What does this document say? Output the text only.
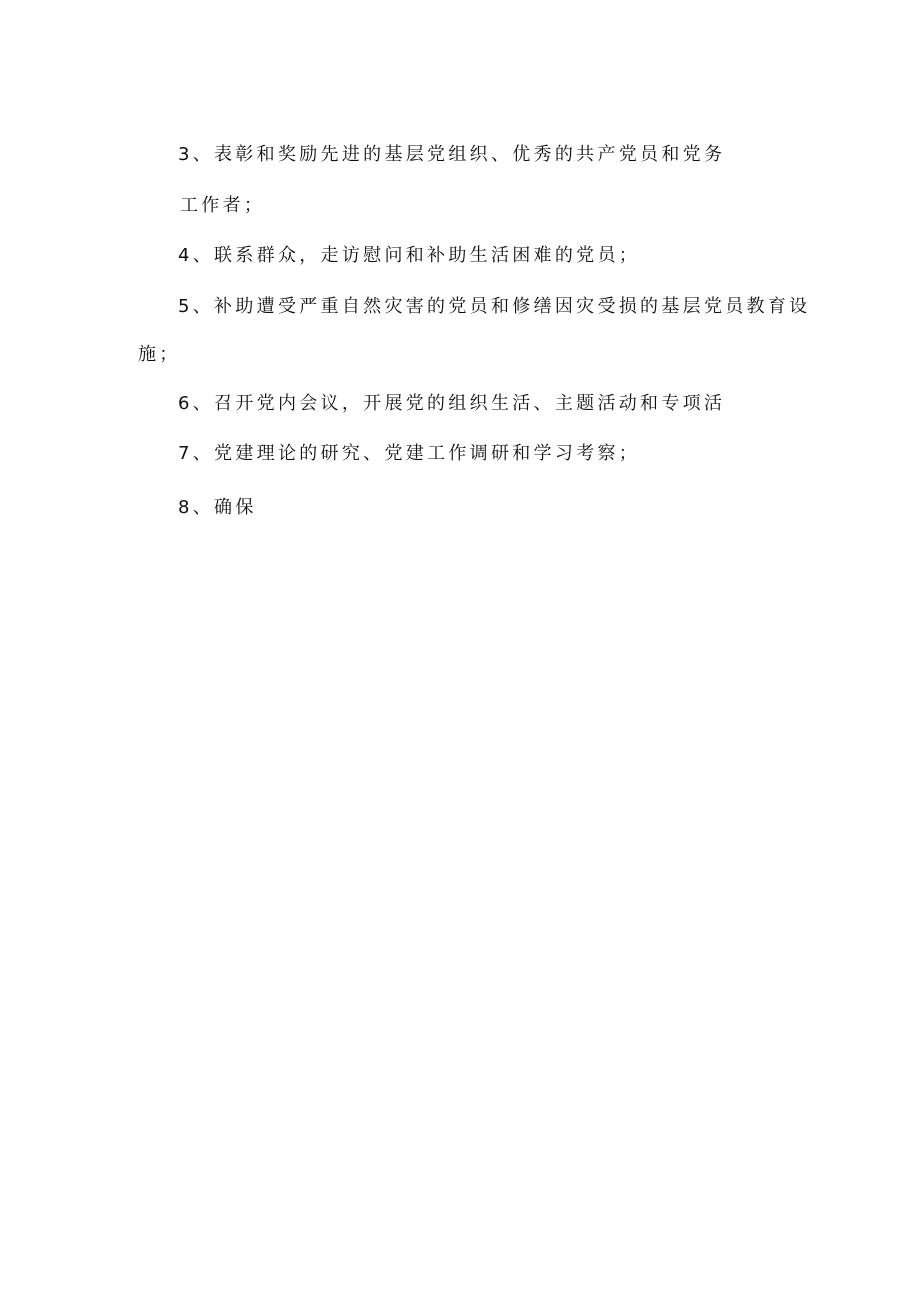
3、表彰和奖励先进的基层党组织、优秀的共产党员和党务
工作者；
4、联系群众，走访慰问和补助生活困难的党员；
5、补助遭受严重自然灾害的党员和修缮因灾受损的基层党员教育设
施；
6、召开党内会议，开展党的组织生活、主题活动和专项活
7、党建理论的研究、党建工作调研和学习考察；
8、确保
